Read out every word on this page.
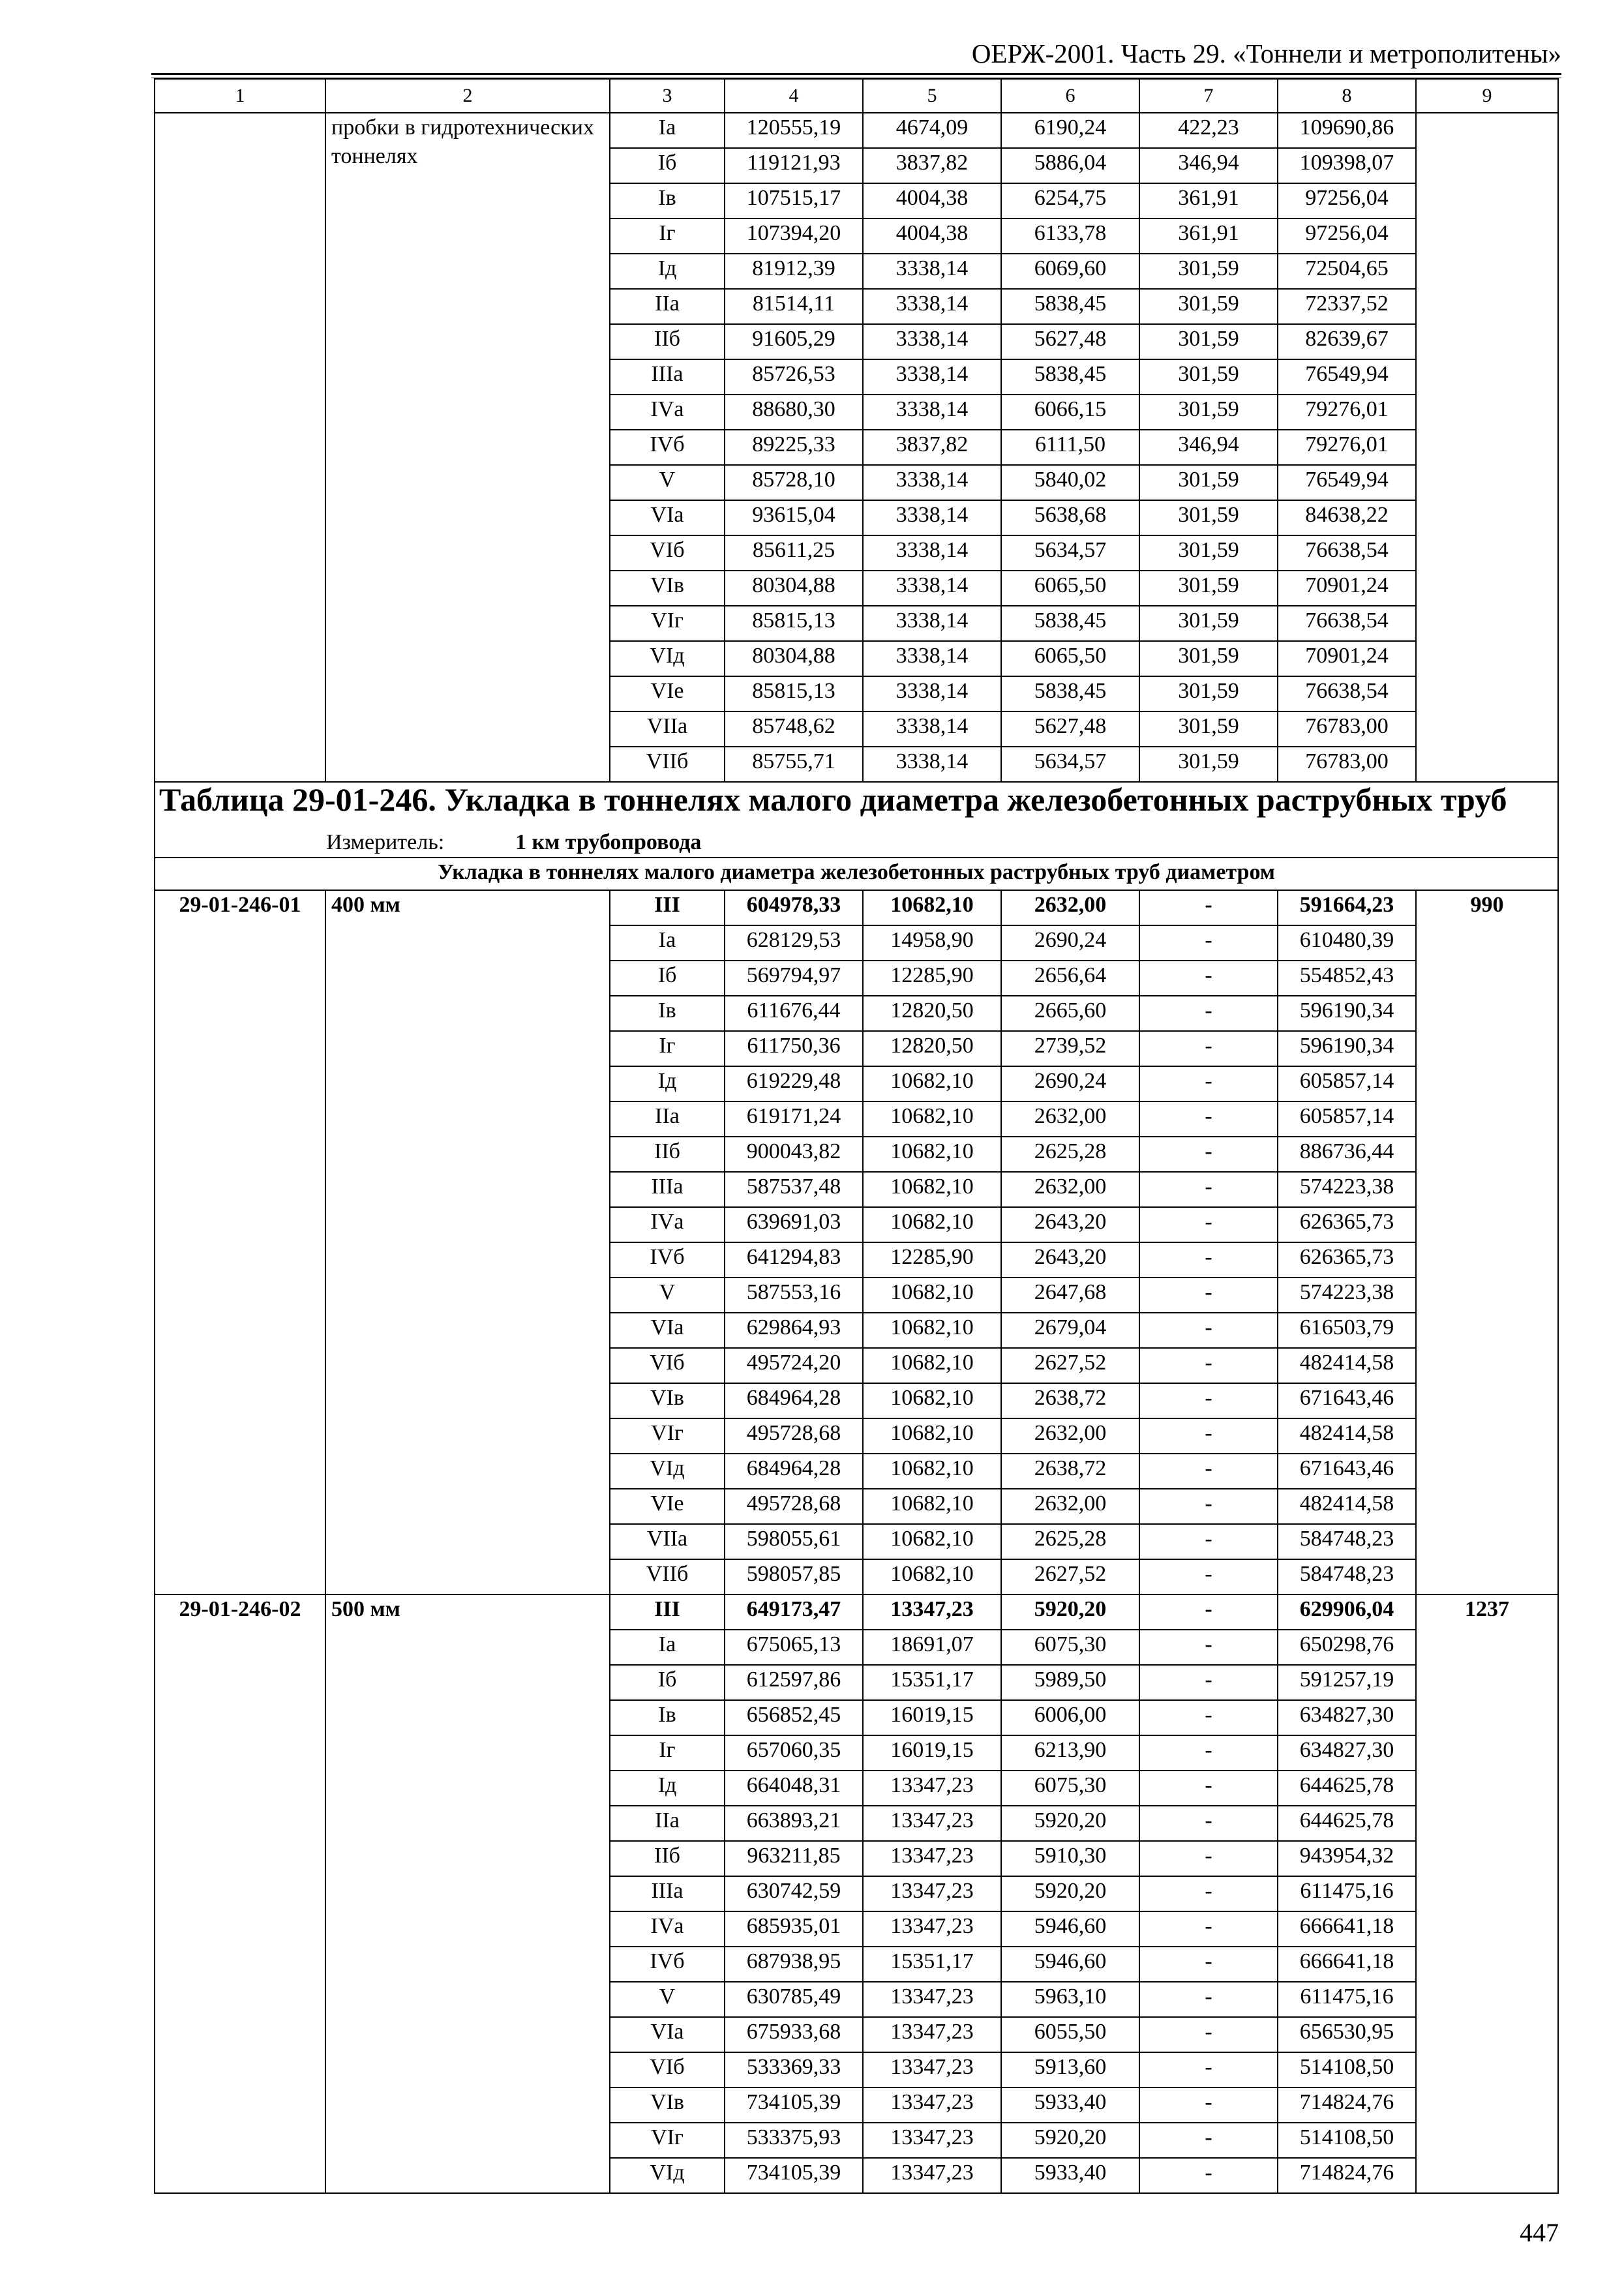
ОЕРЖ-2001. Часть 29. «Тоннели и метрополитены»
1	2	3	4	5	6	7	8	9
	пробки в гидротехнических тоннелях	Iа	120555,19	4674,09	6190,24	422,23	109690,86	
		Iб	119121,93	3837,82	5886,04	346,94	109398,07	
		Iв	107515,17	4004,38	6254,75	361,91	97256,04	
		Iг	107394,20	4004,38	6133,78	361,91	97256,04	
		Iд	81912,39	3338,14	6069,60	301,59	72504,65	
		IIа	81514,11	3338,14	5838,45	301,59	72337,52	
		IIб	91605,29	3338,14	5627,48	301,59	82639,67	
		IIIа	85726,53	3338,14	5838,45	301,59	76549,94	
		IVа	88680,30	3338,14	6066,15	301,59	79276,01	
		IVб	89225,33	3837,82	6111,50	346,94	79276,01	
		V	85728,10	3338,14	5840,02	301,59	76549,94	
		VIа	93615,04	3338,14	5638,68	301,59	84638,22	
		VIб	85611,25	3338,14	5634,57	301,59	76638,54	
		VIв	80304,88	3338,14	6065,50	301,59	70901,24	
		VIг	85815,13	3338,14	5838,45	301,59	76638,54	
		VIд	80304,88	3338,14	6065,50	301,59	70901,24	
		VIе	85815,13	3338,14	5838,45	301,59	76638,54	
		VIIа	85748,62	3338,14	5627,48	301,59	76783,00	
		VIIб	85755,71	3338,14	5634,57	301,59	76783,00	
Таблица 29-01-246. Укладка в тоннелях малого диаметра железобетонных раструбных труб								
Измеритель: 1 км трубопровода								
Укладка в тоннелях малого диаметра железобетонных раструбных труб диаметром								
29-01-246-01	400 мм	III	604978,33	10682,10	2632,00	-	591664,23	990
		Iа	628129,53	14958,90	2690,24	-	610480,39	
		Iб	569794,97	12285,90	2656,64	-	554852,43	
		Iв	611676,44	12820,50	2665,60	-	596190,34	
		Iг	611750,36	12820,50	2739,52	-	596190,34	
		Iд	619229,48	10682,10	2690,24	-	605857,14	
		IIа	619171,24	10682,10	2632,00	-	605857,14	
		IIб	900043,82	10682,10	2625,28	-	886736,44	
		IIIа	587537,48	10682,10	2632,00	-	574223,38	
		IVа	639691,03	10682,10	2643,20	-	626365,73	
		IVб	641294,83	12285,90	2643,20	-	626365,73	
		V	587553,16	10682,10	2647,68	-	574223,38	
		VIа	629864,93	10682,10	2679,04	-	616503,79	
		VIб	495724,20	10682,10	2627,52	-	482414,58	
		VIв	684964,28	10682,10	2638,72	-	671643,46	
		VIг	495728,68	10682,10	2632,00	-	482414,58	
		VIд	684964,28	10682,10	2638,72	-	671643,46	
		VIе	495728,68	10682,10	2632,00	-	482414,58	
		VIIа	598055,61	10682,10	2625,28	-	584748,23	
		VIIб	598057,85	10682,10	2627,52	-	584748,23	
29-01-246-02	500 мм	III	649173,47	13347,23	5920,20	-	629906,04	1237
		Iа	675065,13	18691,07	6075,30	-	650298,76	
		Iб	612597,86	15351,17	5989,50	-	591257,19	
		Iв	656852,45	16019,15	6006,00	-	634827,30	
		Iг	657060,35	16019,15	6213,90	-	634827,30	
		Iд	664048,31	13347,23	6075,30	-	644625,78	
		IIа	663893,21	13347,23	5920,20	-	644625,78	
		IIб	963211,85	13347,23	5910,30	-	943954,32	
		IIIа	630742,59	13347,23	5920,20	-	611475,16	
		IVа	685935,01	13347,23	5946,60	-	666641,18	
		IVб	687938,95	15351,17	5946,60	-	666641,18	
		V	630785,49	13347,23	5963,10	-	611475,16	
		VIа	675933,68	13347,23	6055,50	-	656530,95	
		VIб	533369,33	13347,23	5913,60	-	514108,50	
		VIв	734105,39	13347,23	5933,40	-	714824,76	
		VIг	533375,93	13347,23	5920,20	-	514108,50	
		VIд	734105,39	13347,23	5933,40	-	714824,76	
447
